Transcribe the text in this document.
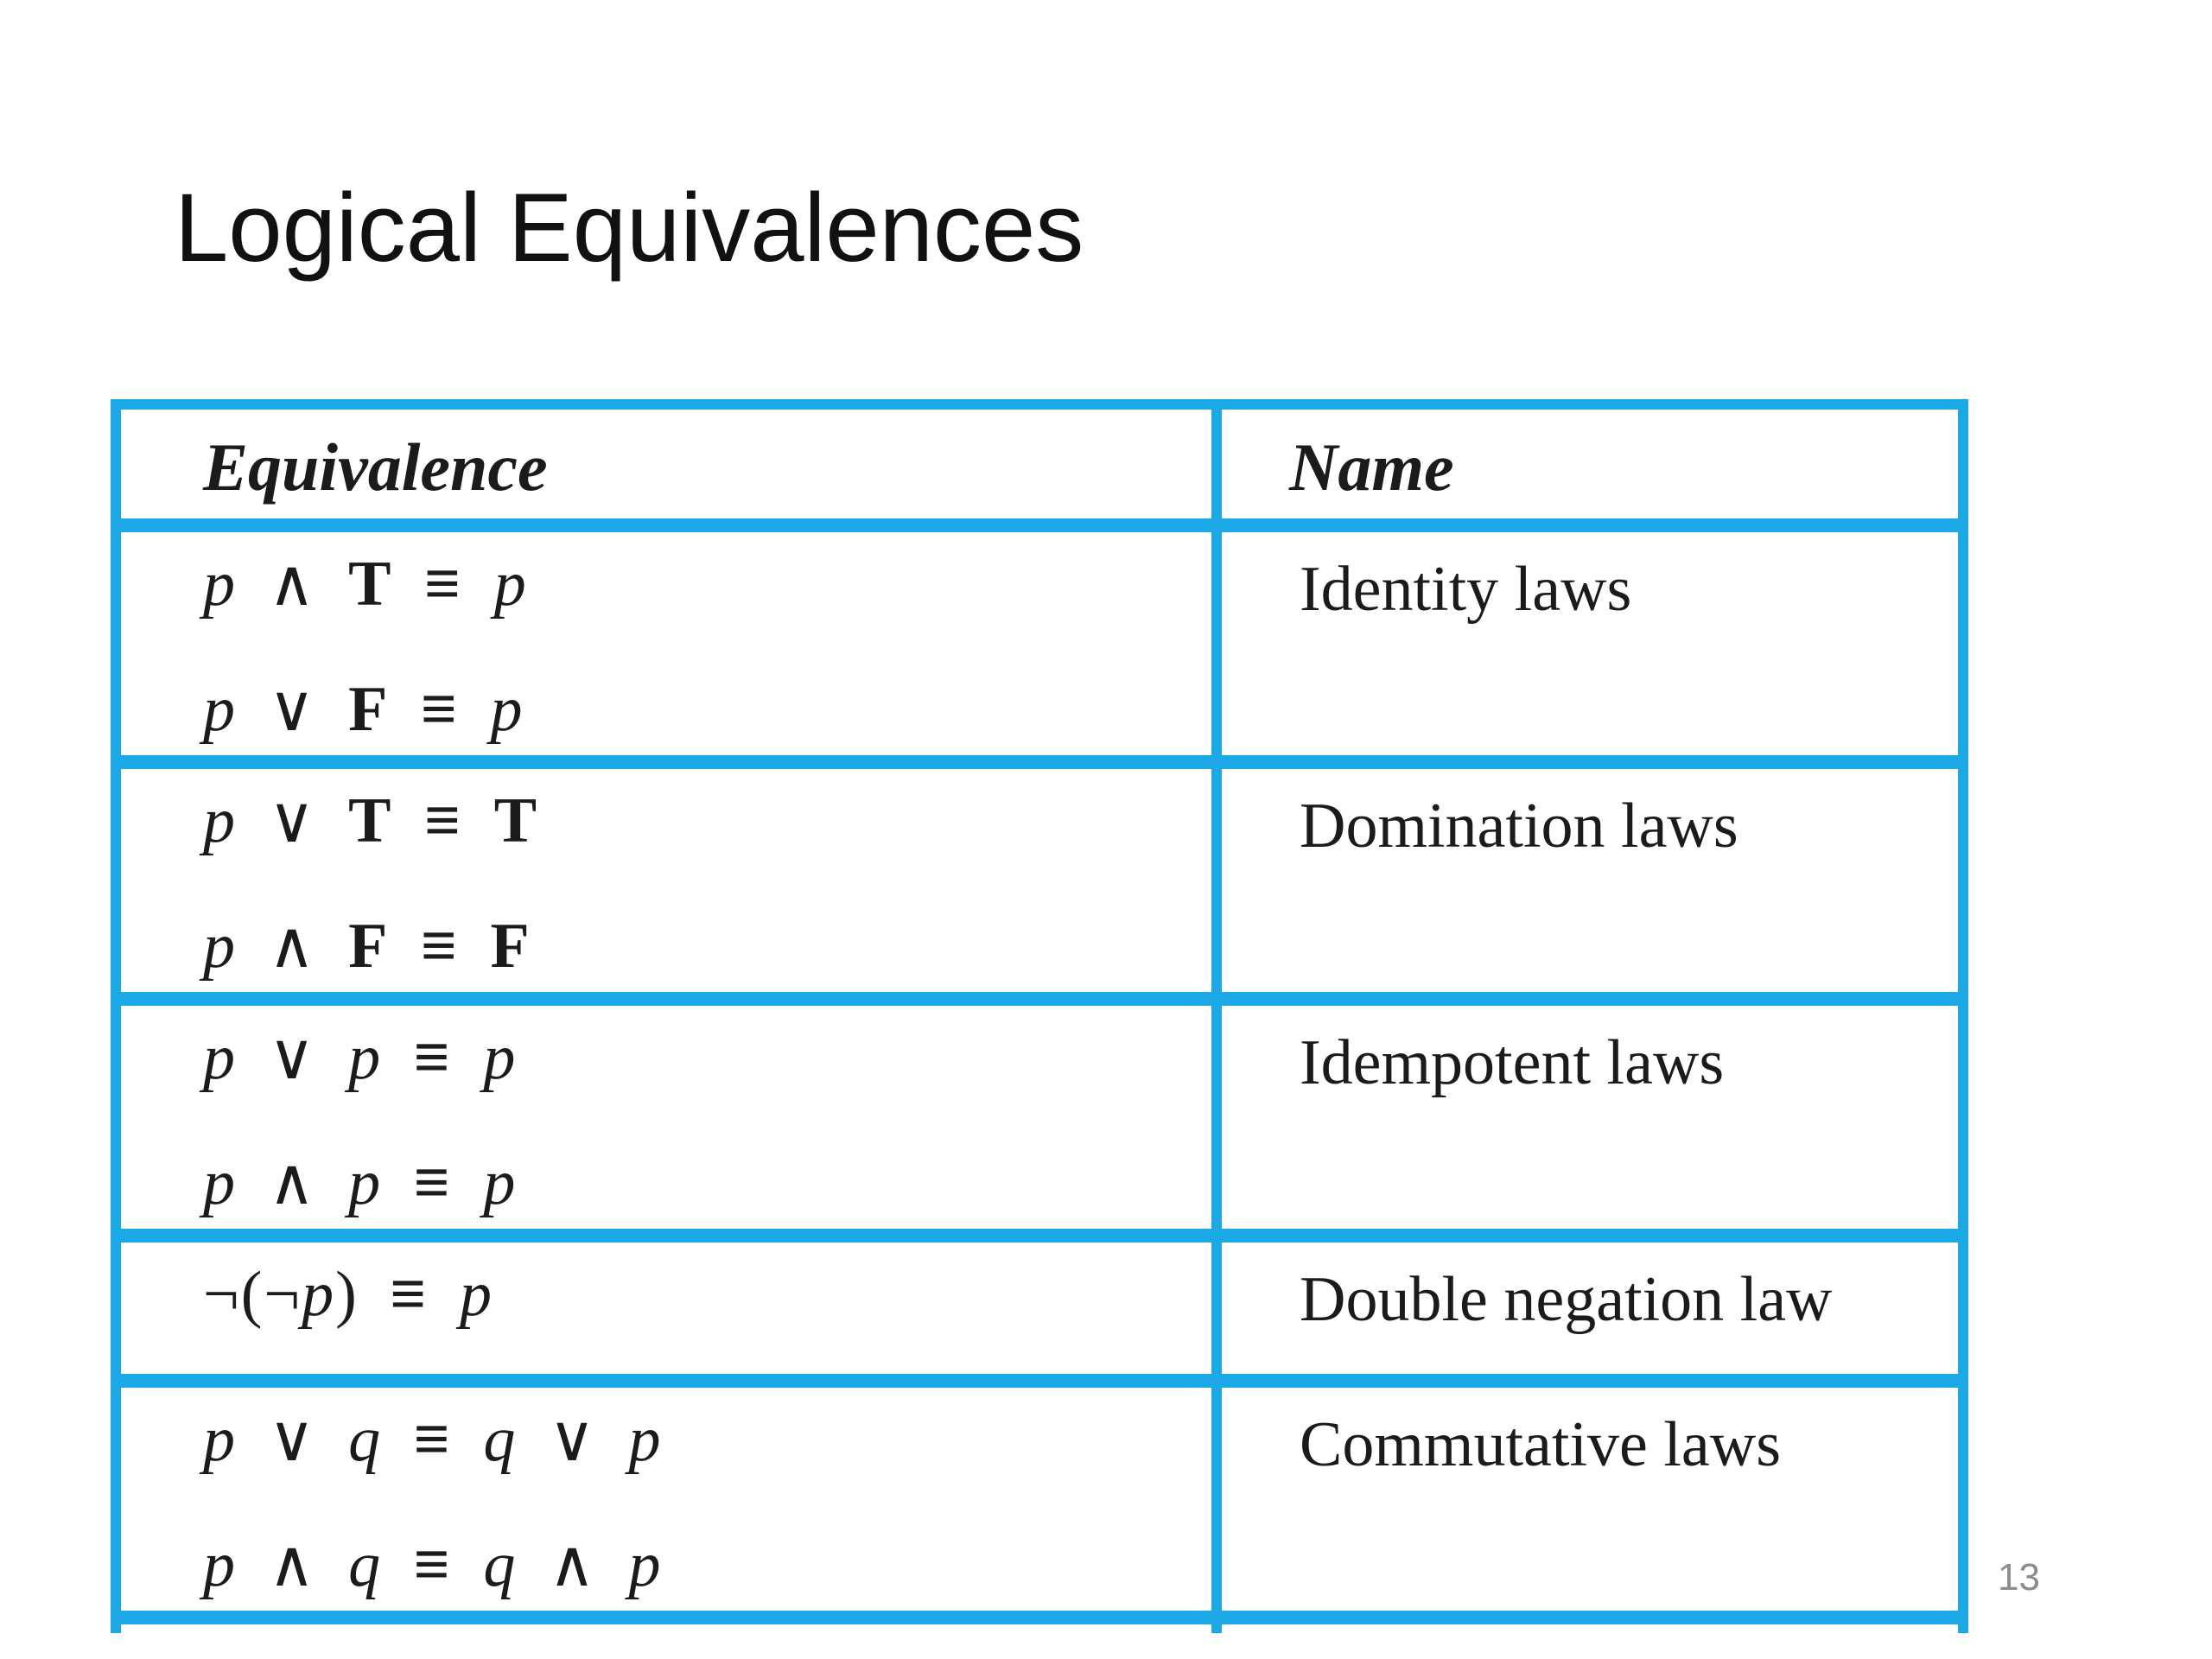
Logical Equivalences
Equivalence	Name
p ∧ T ≡ p
p ∨ F ≡ p
Identity laws
p ∨ T ≡ T
p ∧ F ≡ F
Domination laws
p ∨ p ≡ p
p ∧ p ≡ p
Idempotent laws
¬(¬p) ≡ p	Double negation law
p ∨ q ≡ q ∨ p
p ∧ q ≡ q ∧ p
Commutative laws
13
